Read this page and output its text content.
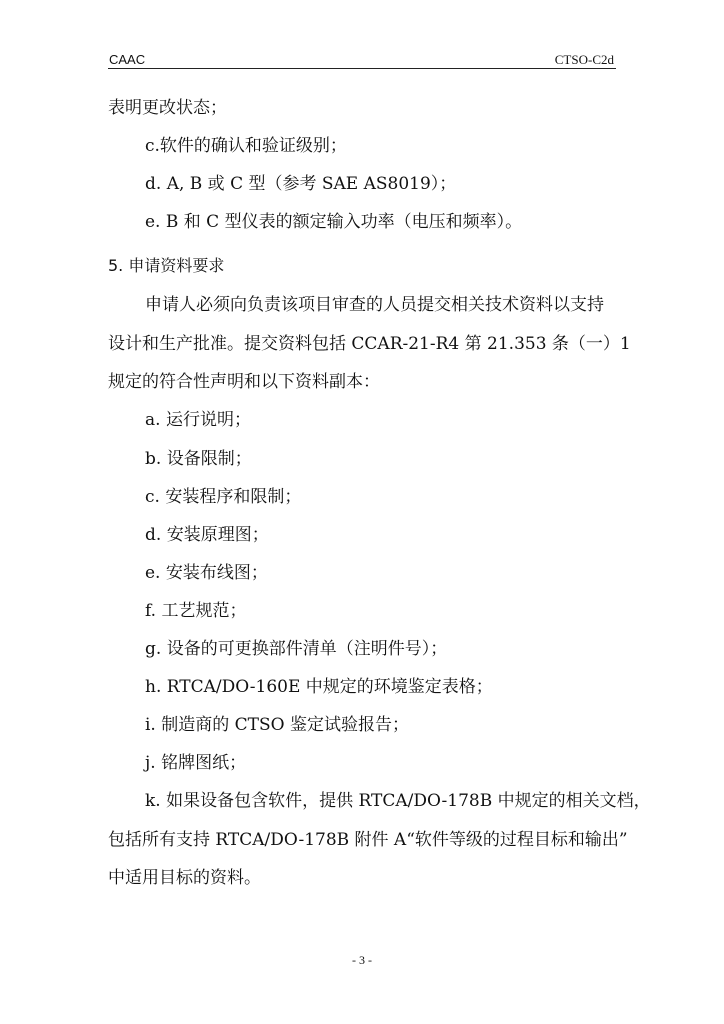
CAAC	CTSO-C2d
表明更改状态；
c.软件的确认和验证级别；
d. A, B 或 C 型（参考 SAE AS8019）；
e. B 和 C 型仪表的额定输入功率（电压和频率）。
5. 申请资料要求
申请人必须向负责该项目审查的人员提交相关技术资料以支持
设计和生产批准。提交资料包括 CCAR-21-R4 第 21.353 条（一）1
规定的符合性声明和以下资料副本：
a. 运行说明；
b. 设备限制；
c. 安装程序和限制；
d. 安装原理图；
e. 安装布线图；
f. 工艺规范；
g. 设备的可更换部件清单（注明件号）；
h. RTCA/DO-160E 中规定的环境鉴定表格；
i. 制造商的 CTSO 鉴定试验报告；
j. 铭牌图纸；
k. 如果设备包含软件，提供 RTCA/DO-178B 中规定的相关文档，
包括所有支持 RTCA/DO-178B 附件 A“软件等级的过程目标和输出”
中适用目标的资料。
- 3 -
